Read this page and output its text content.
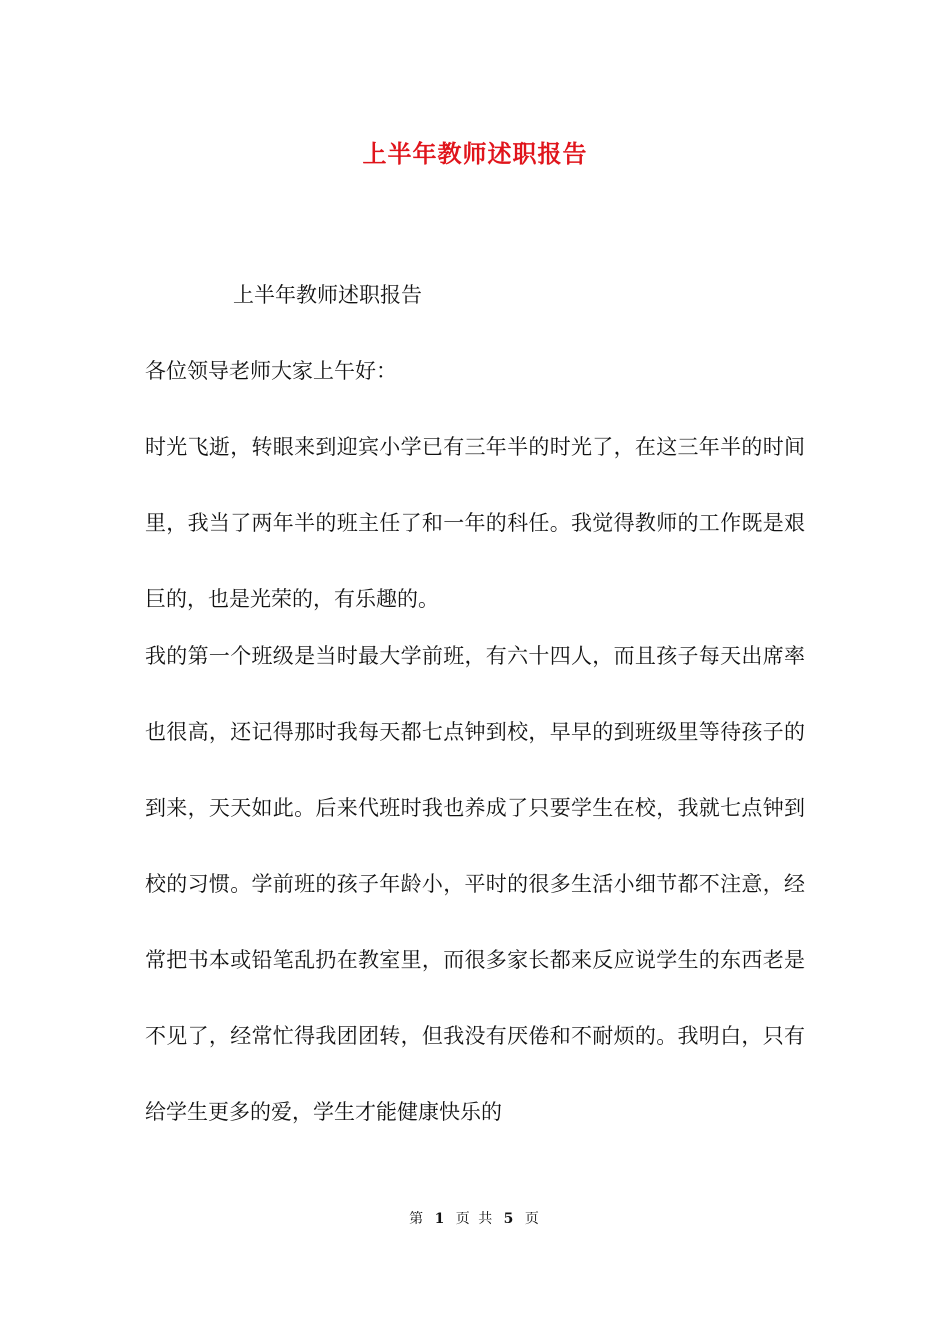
上半年教师述职报告

上半年教师述职报告

各位领导老师大家上午好：

时光飞逝，转眼来到迎宾小学已有三年半的时光了，在这三年半的时间里，我当了两年半的班主任了和一年的科任。我觉得教师的工作既是艰巨的，也是光荣的，有乐趣的。

我的第一个班级是当时最大学前班，有六十四人，而且孩子每天出席率也很高，还记得那时我每天都七点钟到校，早早的到班级里等待孩子的到来，天天如此。后来代班时我也养成了只要学生在校，我就七点钟到校的习惯。学前班的孩子年龄小，平时的很多生活小细节都不注意，经常把书本或铅笔乱扔在教室里，而很多家长都来反应说学生的东西老是不见了，经常忙得我团团转，但我没有厌倦和不耐烦的。我明白，只有给学生更多的爱，学生才能健康快乐的

第 1 页 共 5 页
